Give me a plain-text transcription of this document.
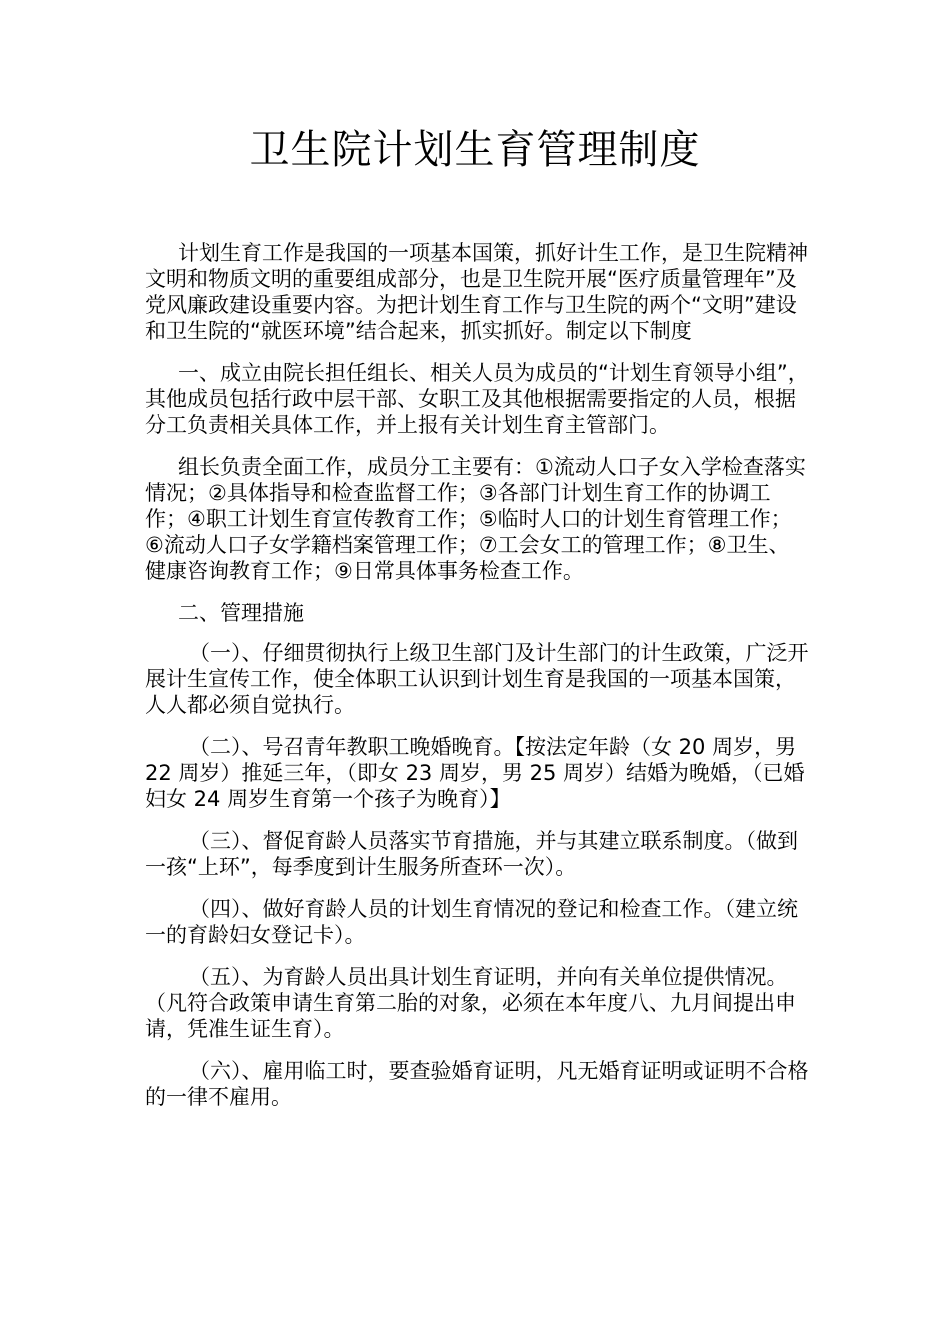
卫生院计划生育管理制度

计划生育工作是我国的一项基本国策，抓好计生工作，是卫生院精神文明和物质文明的重要组成部分，也是卫生院开展“医疗质量管理年”及党风廉政建设重要内容。为把计划生育工作与卫生院的两个“文明”建设和卫生院的“就医环境”结合起来，抓实抓好。制定以下制度

一、成立由院长担任组长、相关人员为成员的“计划生育领导小组”，其他成员包括行政中层干部、女职工及其他根据需要指定的人员，根据分工负责相关具体工作，并上报有关计划生育主管部门。

组长负责全面工作，成员分工主要有：①流动人口子女入学检查落实情况；②具体指导和检查监督工作；③各部门计划生育工作的协调工作；④职工计划生育宣传教育工作；⑤临时人口的计划生育管理工作；⑥流动人口子女学籍档案管理工作；⑦工会女工的管理工作；⑧卫生、健康咨询教育工作；⑨日常具体事务检查工作。

二、管理措施

（一）、仔细贯彻执行上级卫生部门及计生部门的计生政策，广泛开展计生宣传工作，使全体职工认识到计划生育是我国的一项基本国策，人人都必须自觉执行。

（二）、号召青年教职工晚婚晚育。【按法定年龄（女 20 周岁，男 22 周岁）推延三年，（即女 23 周岁，男 25 周岁）结婚为晚婚，（已婚妇女 24 周岁生育第一个孩子为晚育）】

（三）、督促育龄人员落实节育措施，并与其建立联系制度。（做到一孩“上环”，每季度到计生服务所查环一次）。

（四）、做好育龄人员的计划生育情况的登记和检查工作。（建立统一的育龄妇女登记卡）。

（五）、为育龄人员出具计划生育证明，并向有关单位提供情况。（凡符合政策申请生育第二胎的对象，必须在本年度八、九月间提出申请，凭准生证生育）。

（六）、雇用临工时，要查验婚育证明，凡无婚育证明或证明不合格的一律不雇用。
